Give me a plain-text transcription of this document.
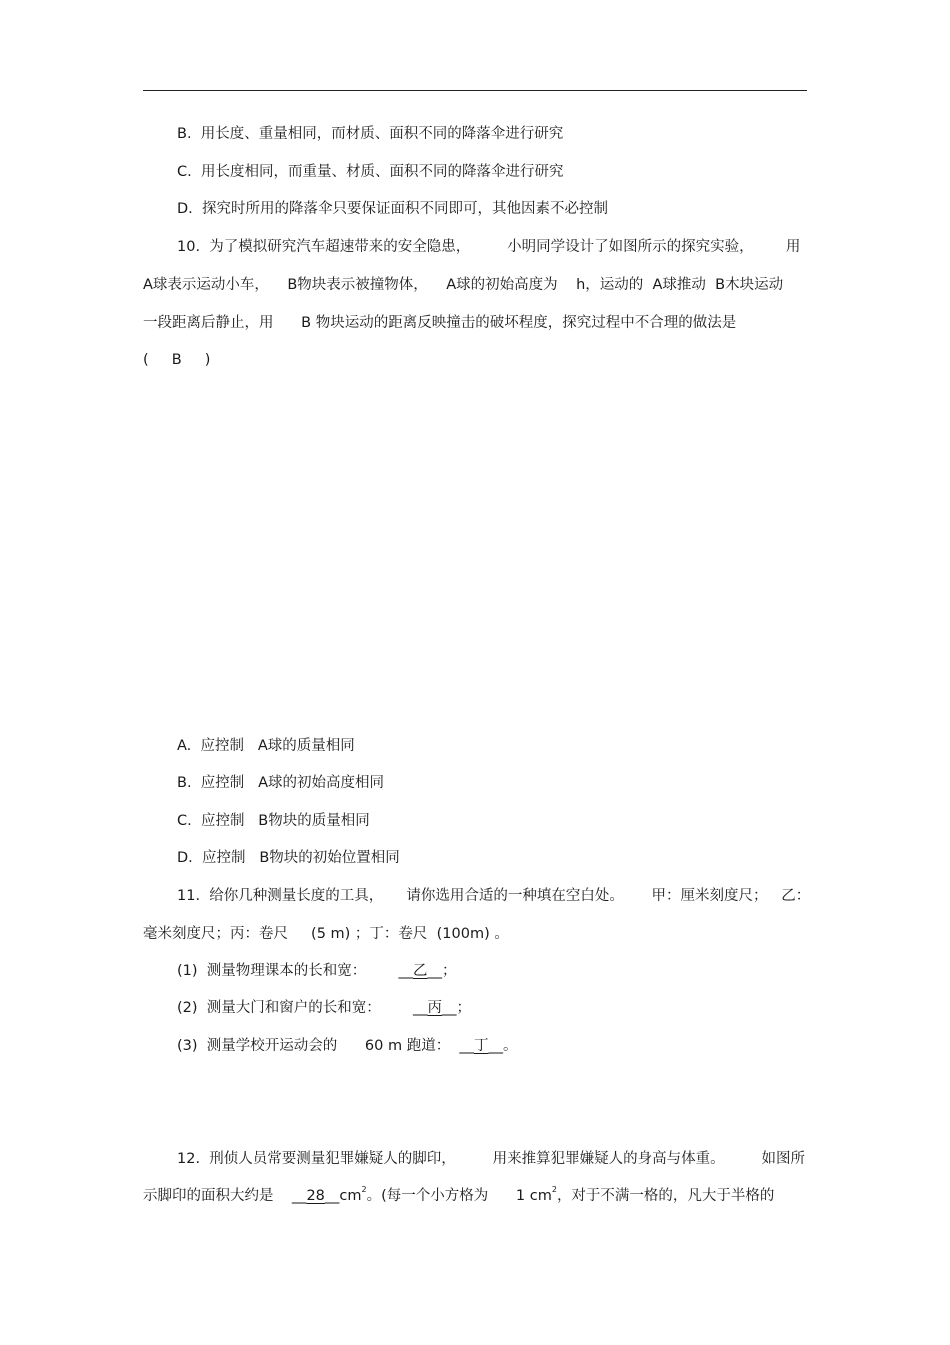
B.  用长度、重量相同，而材质、面积不同的降落伞进行研究
C.  用长度相同，而重量、材质、面积不同的降落伞进行研究
D.  探究时所用的降落伞只要保证面积不同即可，其他因素不必控制
10.  为了模拟研究汽车超速带来的安全隐患，        小明同学设计了如图所示的探究实验，       用
A球表示运动小车，    B物块表示被撞物体，    A球的初始高度为    h，运动的  A球推动  B木块运动
一段距离后静止，用      B 物块运动的距离反映撞击的破坏程度，探究过程中不合理的做法是
(     B     )
A.  应控制   A球的质量相同
B.  应控制   A球的初始高度相同
C.  应控制   B物块的质量相同
D.  应控制   B物块的初始位置相同
11.  给你几种测量长度的工具，     请你选用合适的一种填在空白处。      甲：厘米刻度尺；   乙：
毫米刻度尺；丙：卷尺     (5 m) ；丁：卷尺  (100m) 。
(1)  测量物理课本的长和宽：       __乙__；
(2)  测量大门和窗户的长和宽：       __丙__；
(3)  测量学校开运动会的      60 m 跑道：  __丁__。
12.  刑侦人员常要测量犯罪嫌疑人的脚印，        用来推算犯罪嫌疑人的身高与体重。        如图所
示脚印的面积大约是    $\_\_28\_\_cm^2$。(每一个小方格为      1 $cm^2$，对于不满一格的，凡大于半格的
